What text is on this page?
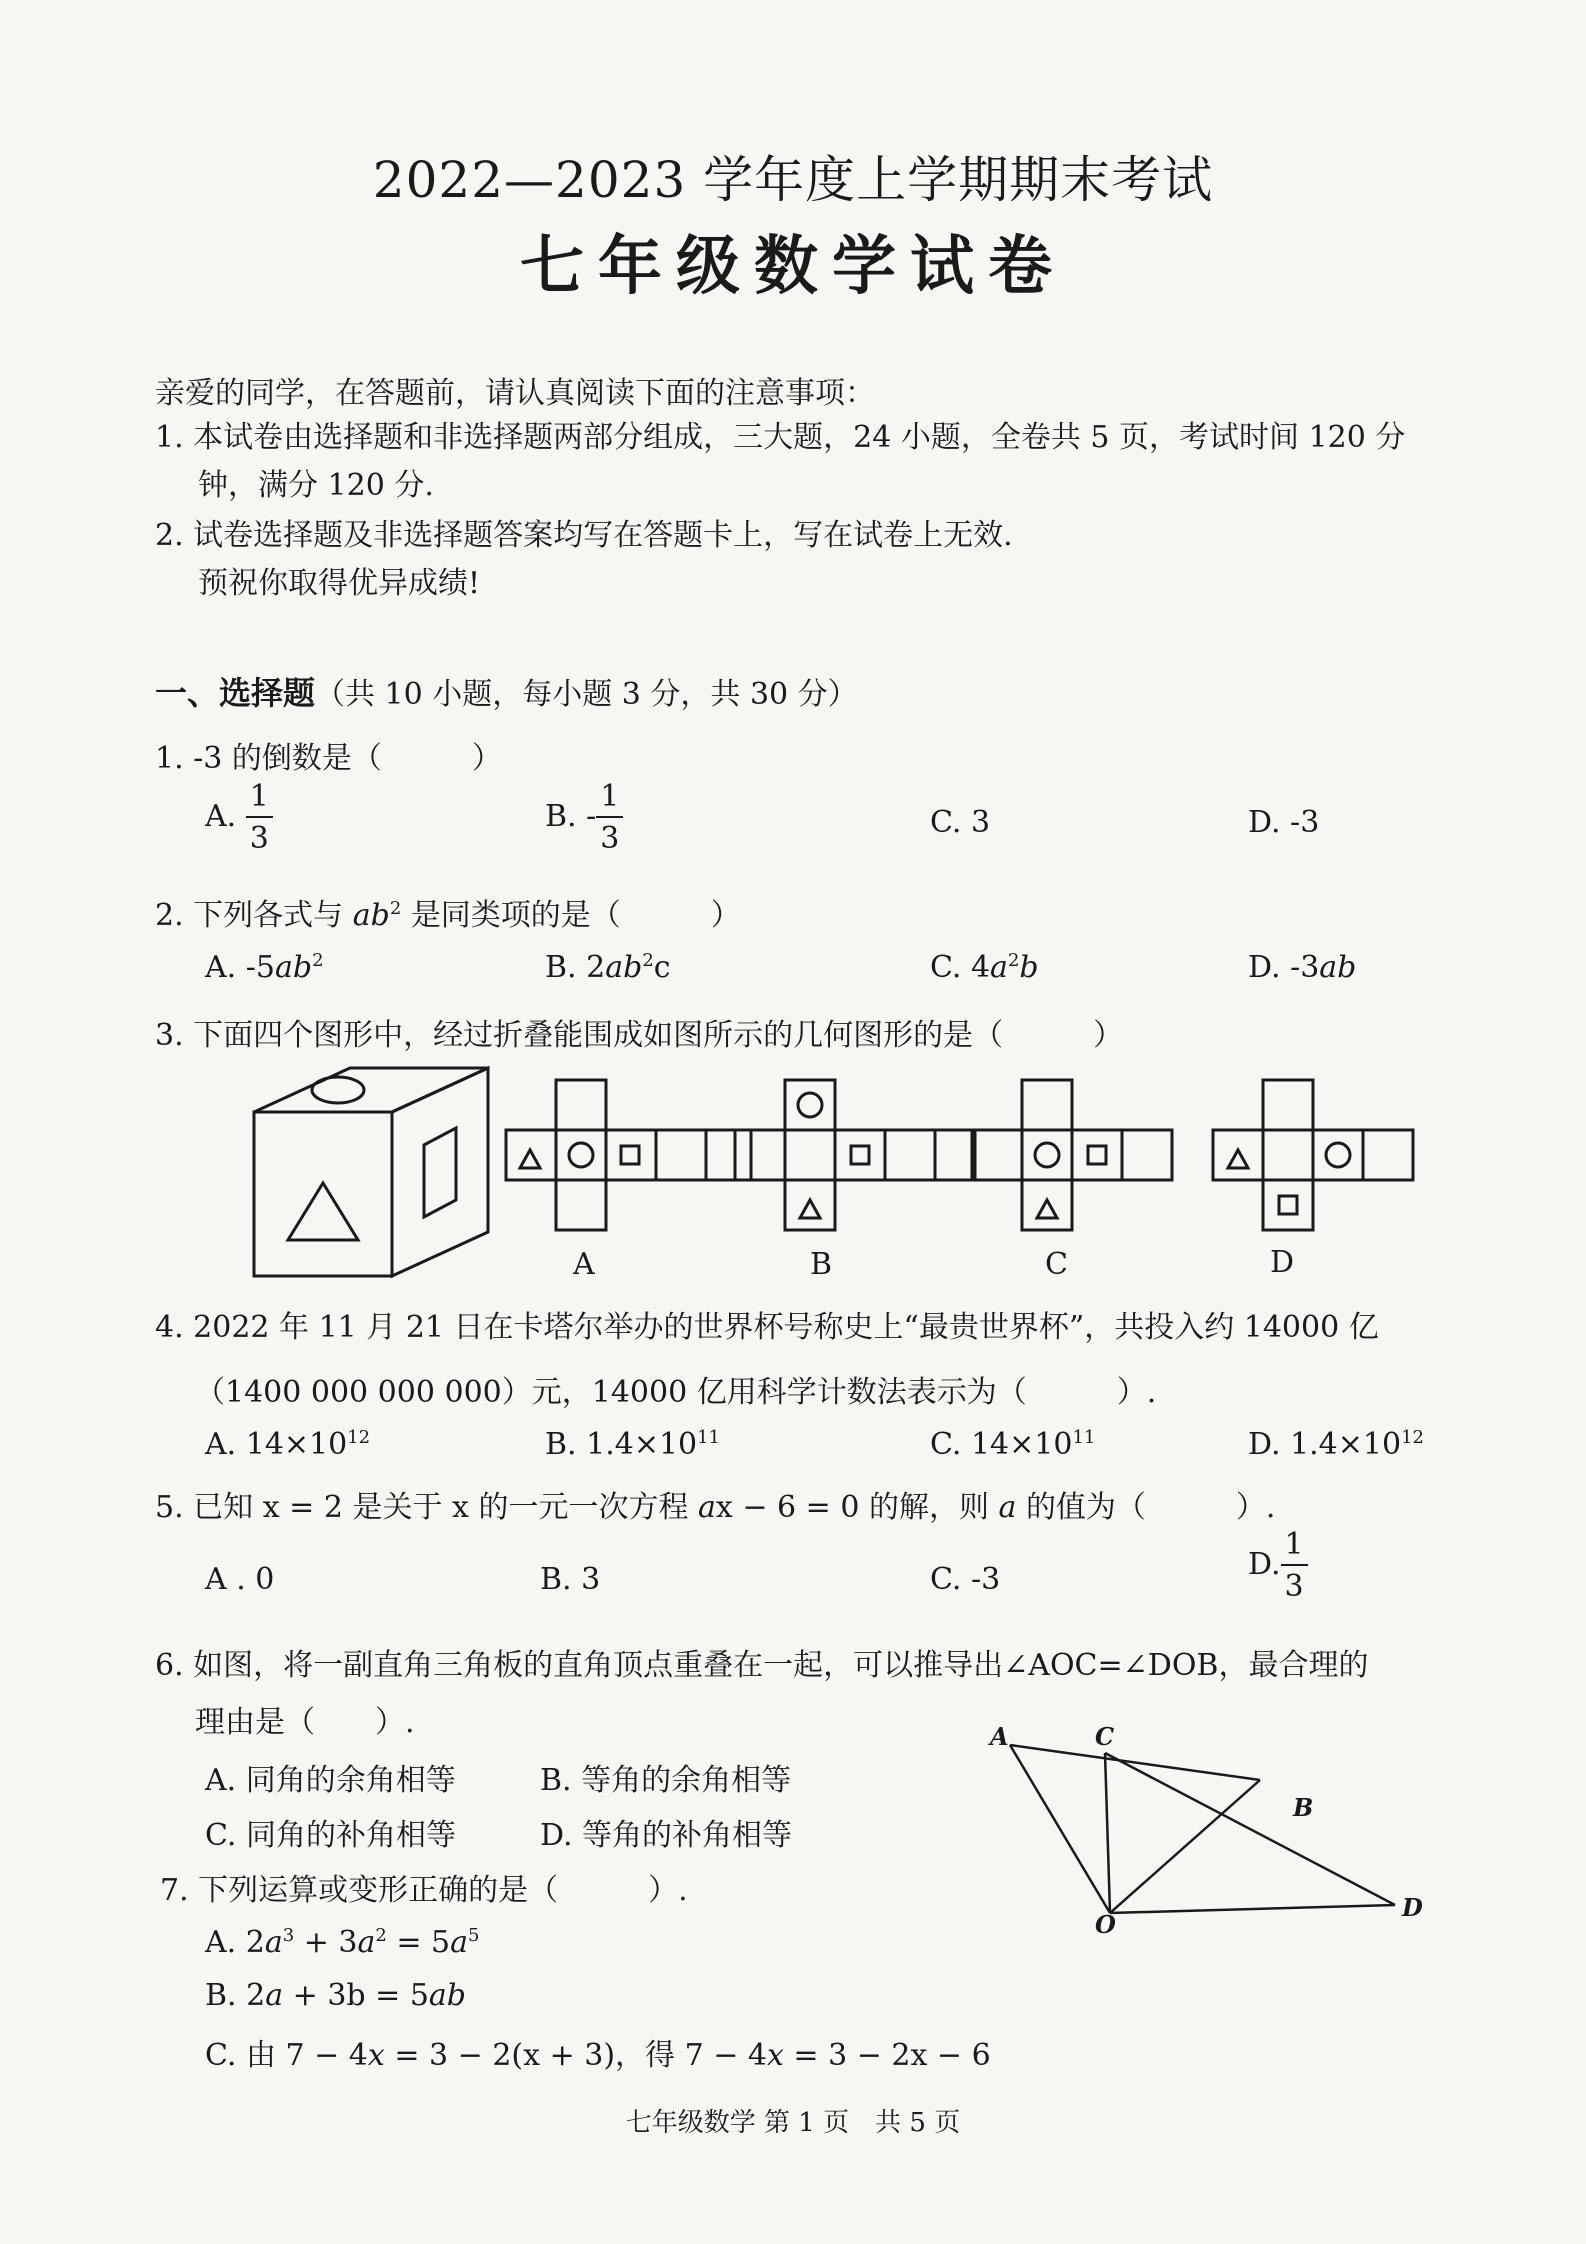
2022—2023 学年度上学期期末考试
七年级数学试卷
亲爱的同学，在答题前，请认真阅读下面的注意事项：
1. 本试卷由选择题和非选择题两部分组成，三大题，24 小题，全卷共 5 页，考试时间 120 分
钟，满分 120 分.
2. 试卷选择题及非选择题答案均写在答题卡上，写在试卷上无效.
预祝你取得优异成绩!
一、选择题（共 10 小题，每小题 3 分，共 30 分）
1. -3 的倒数是（　　　）
A. $\frac{1}{3}$	B. - $\frac{1}{3}$	C. 3	D. -3
2. 下列各式与 $ab^2$ 是同类项的是（　　　）
A. $-5ab^2$	B. $2ab^2c$	C. $4a^2b$	D. -3ab
3. 下面四个图形中，经过折叠能围成如图所示的几何图形的是（　　　）
A	B	C	D
4. 2022 年 11 月 21 日在卡塔尔举办的世界杯号称史上“最贵世界杯”，共投入约 14000 亿
（1400 000 000 000）元，14000 亿用科学计数法表示为（　　　）.
A. $14\times 10^{12}$	B. $1.4\times 10^{11}$	C. $14\times 10^{11}$	D. $1.4\times 10^{12}$
5. 已知 x = 2 是关于 x 的一元一次方程 ax − 6 = 0 的解，则 a 的值为（　　　）.
A . 0	B. 3	C. -3	D. $\frac{1}{3}$
6. 如图，将一副直角三角板的直角顶点重叠在一起，可以推导出∠AOC=∠DOB，最合理的
理由是（　　）.
A. 同角的余角相等	B. 等角的余角相等
C. 同角的补角相等	D. 等角的补角相等
A	C
B
O
D
7. 下列运算或变形正确的是（　　　）.
A. $2a^3 + 3a^2 = 5a^5$
B. 2a + 3b = 5ab
C. 由 7 − 4x = 3 − 2(x + 3)，得 7 − 4x = 3 − 2x − 6
七年级数学 第 1 页　共 5 页
